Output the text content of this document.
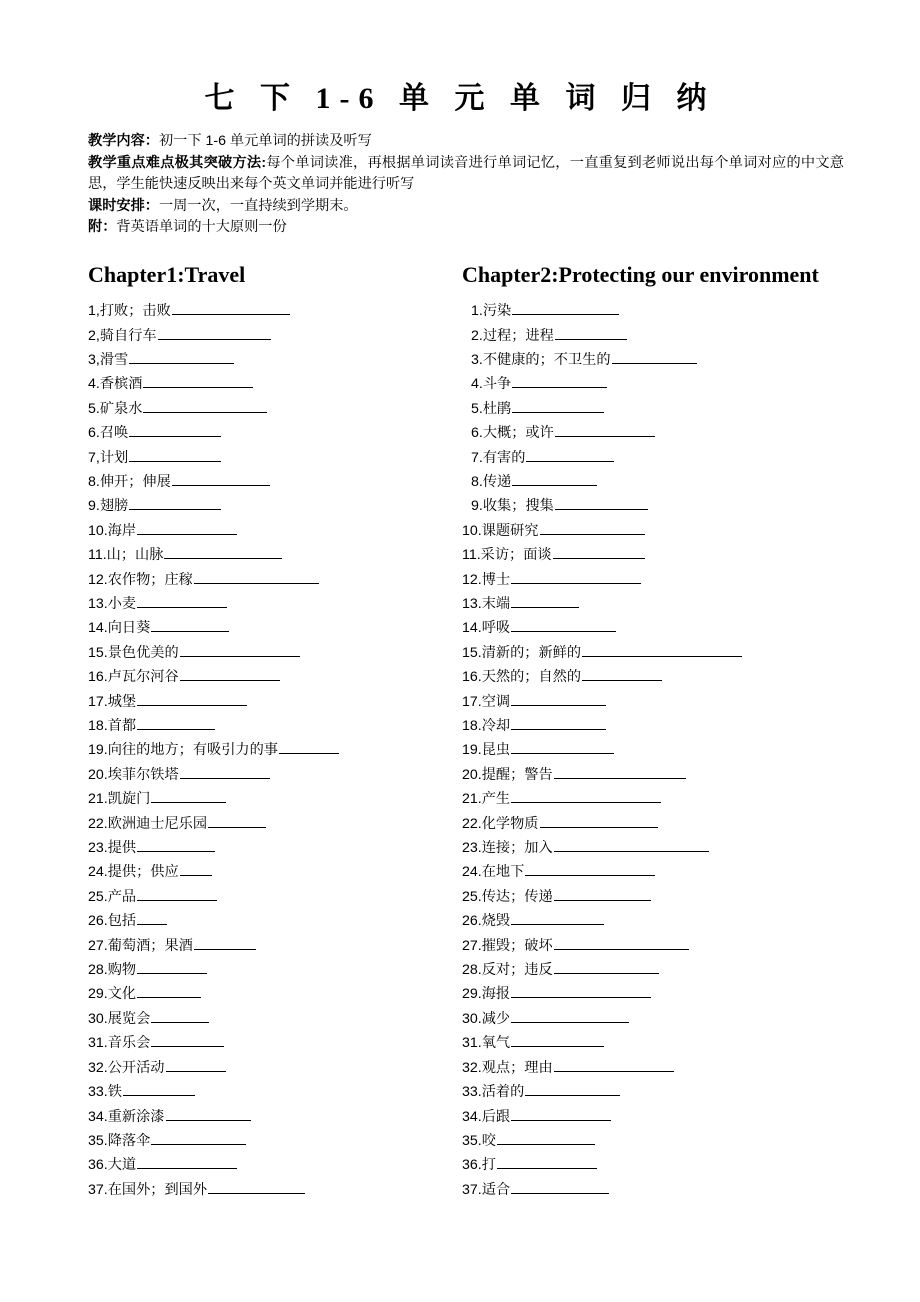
七 下 1-6 单 元 单 词 归 纳

教学内容：初一下 1-6 单元单词的拼读及听写

教学重点难点极其突破方法:每个单词读准，再根据单词读音进行单词记忆，一直重复到老师说出每个单词对应的中文意思，学生能快速反映出来每个英文单词并能进行听写

课时安排：一周一次，一直持续到学期末。

附：背英语单词的十大原则一份

Chapter1:Travel
1,打败；击败
2,骑自行车
3,滑雪
4.香槟酒
5.矿泉水
6.召唤
7,计划
8.伸开；伸展
9.翅膀
10.海岸
11.山；山脉
12.农作物；庄稼
13.小麦
14.向日葵
15.景色优美的
16.卢瓦尔河谷
17.城堡
18.首都
19.向往的地方；有吸引力的事
20.埃菲尔铁塔
21.凯旋门
22.欧洲迪士尼乐园
23.提供
24.提供；供应
25.产品
26.包括
27.葡萄酒；果酒
28.购物
29.文化
30.展览会
31.音乐会
32.公开活动
33.铁
34.重新涂漆
35.降落伞
36.大道
37.在国外；到国外
Chapter2:Protecting our environment
1.污染
2.过程；进程
3.不健康的；不卫生的
4.斗争
5.杜鹃
6.大概；或许
7.有害的
8.传递
9.收集；搜集
10.课题研究
11.采访；面谈
12.博士
13.末端
14.呼吸
15.清新的；新鲜的
16.天然的；自然的
17.空调
18.冷却
19.昆虫
20.提醒；警告
21.产生
22.化学物质
23.连接；加入
24.在地下
25.传达；传递
26.烧毁
27.摧毁；破坏
28.反对；违反
29.海报
30.减少
31.氧气
32.观点；理由
33.活着的
34.后跟
35.咬
36.打
37.适合
